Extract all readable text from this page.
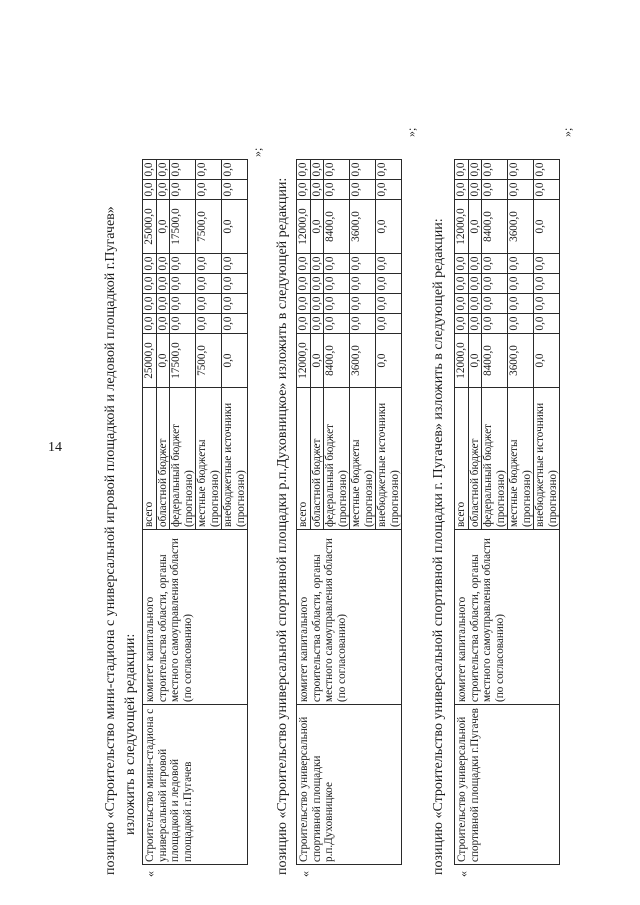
14	позицию «Строительство мини-стадиона с универсальной игровой площадкой и ледовой площадкой г.Пугачев» изложить в следующей редакции:
«
Строительство мини-стадиона с универсальной игровой площадкой и ледовой площадкой г.Пугачев	комитет капитального строительства области, органы местного самоуправления области (по согласованию)	всего	25000,0	0,0	0,0	0,0	0,0	25000,0	0,0	0,0
		областной бюджет	0,0	0,0	0,0	0,0	0,0	0,0	0,0	0,0
		федеральный бюджет (прогнозно)	17500,0	0,0	0,0	0,0	0,0	17500,0	0,0	0,0
		местные бюджеты (прогнозно)	7500,0	0,0	0,0	0,0	0,0	7500,0	0,0	0,0
		внебюджетные источники (прогнозно)	0,0	0,0	0,0	0,0	0,0	0,0	0,0	0,0
»;
позицию «Строительство универсальной спортивной площадки р.п.Духовницкое» изложить в следующей редакции: «
Строительство универсальной спортивной площадки р.п.Духовницкое	комитет капитального строительства области, органы местного самоуправления области (по согласованию)	всего	12000,0	0,0	0,0	0,0	0,0	12000,0	0,0	0,0
		областной бюджет	0,0	0,0	0,0	0,0	0,0	0,0	0,0	0,0
		федеральный бюджет (прогнозно)	8400,0	0,0	0,0	0,0	0,0	8400,0	0,0	0,0
		местные бюджеты (прогнозно)	3600,0	0,0	0,0	0,0	0,0	3600,0	0,0	0,0
		внебюджетные источники (прогнозно)	0,0	0,0	0,0	0,0	0,0	0,0	0,0	0,0
»;
позицию «Строительство универсальной спортивной площадки г. Пугачев» изложить в следующей редакции: «
Строительство универсальной спортивной площадки г.Пугачев	комитет капитального строительства области, органы местного самоуправления области (по согласованию)	всего	12000,0	0,0	0,0	0,0	0,0	12000,0	0,0	0,0
		областной бюджет	0,0	0,0	0,0	0,0	0,0	0,0	0,0	0,0
		федеральный бюджет (прогнозно)	8400,0	0,0	0,0	0,0	0,0	8400,0	0,0	0,0
		местные бюджеты (прогнозно)	3600,0	0,0	0,0	0,0	0,0	3600,0	0,0	0,0
		внебюджетные источники (прогнозно)	0,0	0,0	0,0	0,0	0,0	0,0	0,0	0,0
»;
